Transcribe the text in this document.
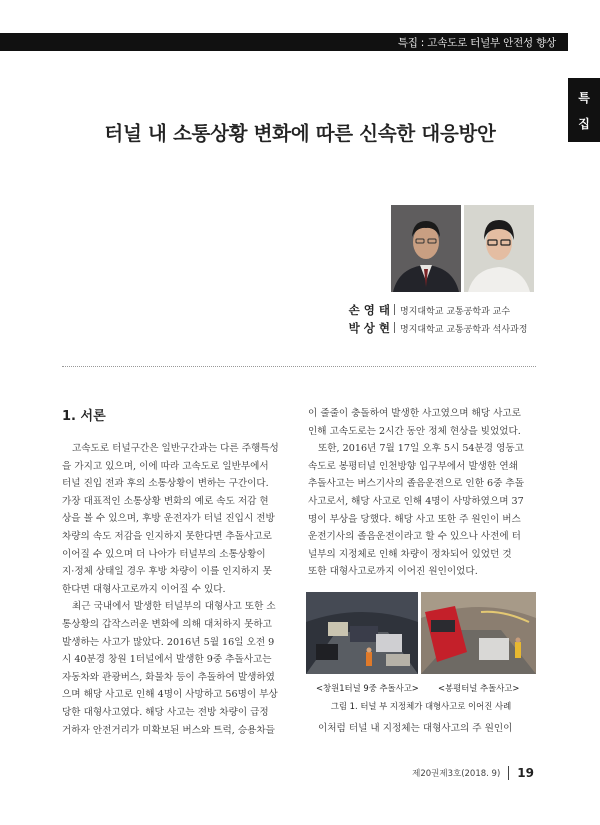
특집 : 고속도로 터널부 안전성 향상
특
집
터널 내 소통상황 변화에 따른 신속한 대응방안
손 영 태 명지대학교 교통공학과 교수
박 상 현 명지대학교 교통공학과 석사과정
1. 서론
고속도로 터널구간은 일반구간과는 다른 주행특성
을 가지고 있으며, 이에 따라 고속도로 일반부에서
터널 진입 전과 후의 소통상황이 변하는 구간이다.
가장 대표적인 소통상황 변화의 예로 속도 저감 현
상을 볼 수 있으며, 후방 운전자가 터널 진입시 전방
차량의 속도 저감을 인지하지 못한다면 추돌사고로
이어질 수 있으며 더 나아가 터널부의 소통상황이
지·정체 상태일 경우 후방 차량이 이를 인지하지 못
한다면 대형사고로까지 이어질 수 있다.
최근 국내에서 발생한 터널부의 대형사고 또한 소
통상황의 갑작스러운 변화에 의해 대처하지 못하고
발생하는 사고가 많았다. 2016년 5월 16일 오전 9
시 40분경 창원 1터널에서 발생한 9중 추돌사고는
자동차와 관광버스, 화물차 등이 추돌하여 발생하였
으며 해당 사고로 인해 4명이 사망하고 56명이 부상
당한 대형사고였다. 해당 사고는 전방 차량이 급정
거하자 안전거리가 미확보된 버스와 트럭, 승용차들
이 줄줄이 충돌하여 발생한 사고였으며 해당 사고로
인해 고속도로는 2시간 동안 정체 현상을 빚었었다.
또한, 2016년 7월 17일 오후 5시 54분경 영동고
속도로 봉평터널 인천방향 입구부에서 발생한 연쇄
추돌사고는 버스기사의 졸음운전으로 인한 6중 추돌
사고로서, 해당 사고로 인해 4명이 사망하였으며 37
명이 부상을 당했다. 해당 사고 또한 주 원인이 버스
운전기사의 졸음운전이라고 할 수 있으나 사전에 터
널부의 지정체로 인해 차량이 정차되어 있었던 것
또한 대형사고로까지 이어진 원인이었다.
<창원1터널 9중 추돌사고> <봉평터널 추돌사고>
그림 1. 터널 부 지정체가 대형사고로 이어진 사례
이처럼 터널 내 지정체는 대형사고의 주 원인이
제20권제3호(2018. 9) 19
